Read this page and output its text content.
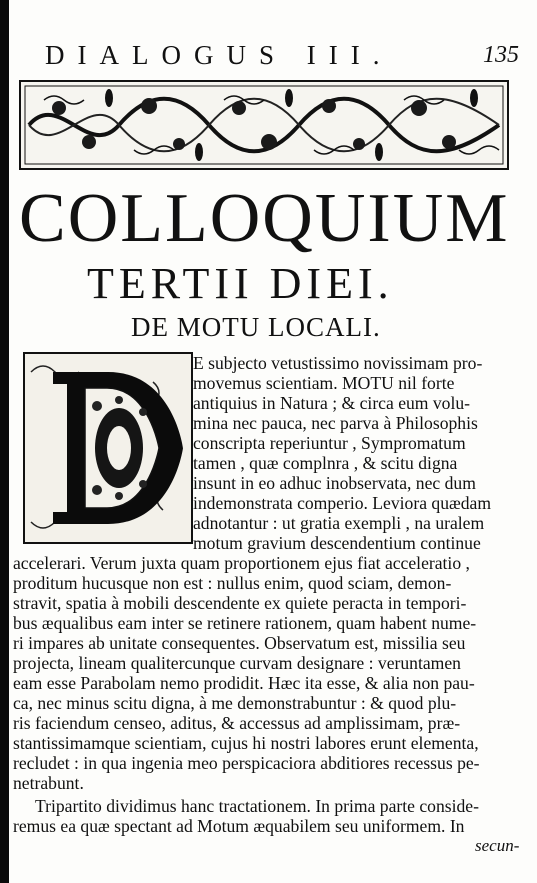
DIALOGUS III.	135
COLLOQUIUM
TERTII DIEI.
DE MOTU LOCALI.
E subjecto vetustissimo novissimam pro-
movemus scientiam. MOTU nil forte
antiquius in Natura ; & circa eum volu-
mina nec pauca, nec parva à Philosophis
conscripta reperiuntur , Sympromatum
tamen , quæ complnra , & scitu digna
insunt in eo adhuc inobservata, nec dum
indemonstrata comperio. Leviora quædam
adnotantur : ut gratia exempli , na uralem
motum gravium descendentium continue
accelerari. Verum juxta quam proportionem ejus fiat acceleratio ,
proditum hucusque non est : nullus enim, quod sciam, demon-
stravit, spatia à mobili descendente ex quiete peracta in tempori-
bus æqualibus eam inter se retinere rationem, quam habent nume-
ri impares ab unitate consequentes. Observatum est, missilia seu
projecta, lineam qualitercunque curvam designare : veruntamen
eam esse Parabolam nemo prodidit. Hæc ita esse, & alia non pau-
ca, nec minus scitu digna, à me demonstrabuntur : & quod plu-
ris faciendum censeo, aditus, & accessus ad amplissimam, præ-
stantissimamque scientiam, cujus hi nostri labores erunt elementa,
recludet : in qua ingenia meo perspicaciora abditiores recessus pe-
netrabunt.
Tripartito dividimus hanc tractationem. In prima parte conside-
remus ea quæ spectant ad Motum æquabilem seu uniformem. In
secun-
